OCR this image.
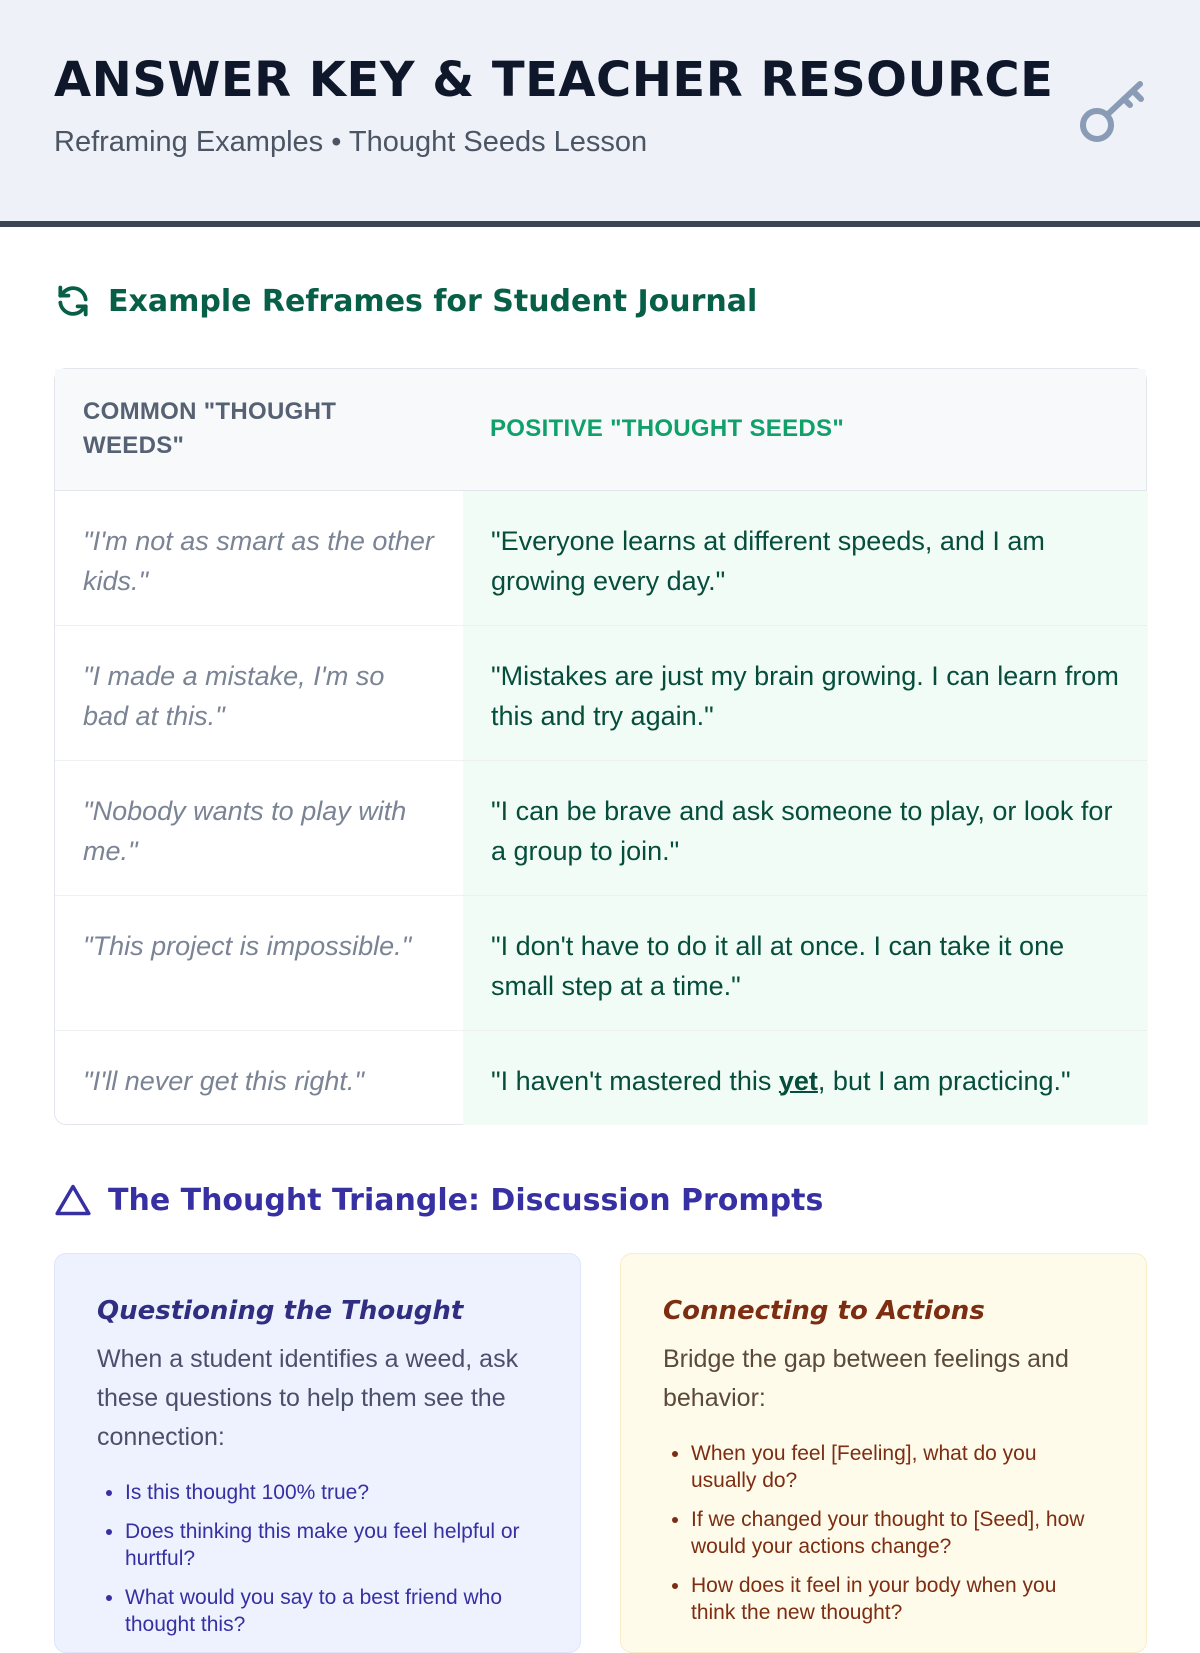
ANSWER KEY & TEACHER RESOURCE

Reframing Examples • Thought Seeds Lesson

Example Reframes for Student Journal
COMMON "THOUGHT WEEDS"
POSITIVE "THOUGHT SEEDS"
"I'm not as smart as the other kids."
"Everyone learns at different speeds, and I am growing every day."
"I made a mistake, I'm so bad at this."
"Mistakes are just my brain growing. I can learn from this and try again."
"Nobody wants to play with me."
"I can be brave and ask someone to play, or look for a group to join."
"This project is impossible."	"I don't have to do it all at once. I can take it one small step at a time."
"I'll never get this right."	"I haven't mastered this yet, but I am practicing."
The Thought Triangle: Discussion Prompts
Questioning the Thought

When a student identifies a weed, ask these questions to help them see the connection:

• Is this thought 100% true?
• Does thinking this make you feel helpful or hurtful?
• What would you say to a best friend who thought this?
Connecting to Actions

Bridge the gap between feelings and behavior:

• When you feel [Feeling], what do you usually do?
• If we changed your thought to [Seed], how would your actions change?
• How does it feel in your body when you think the new thought?
